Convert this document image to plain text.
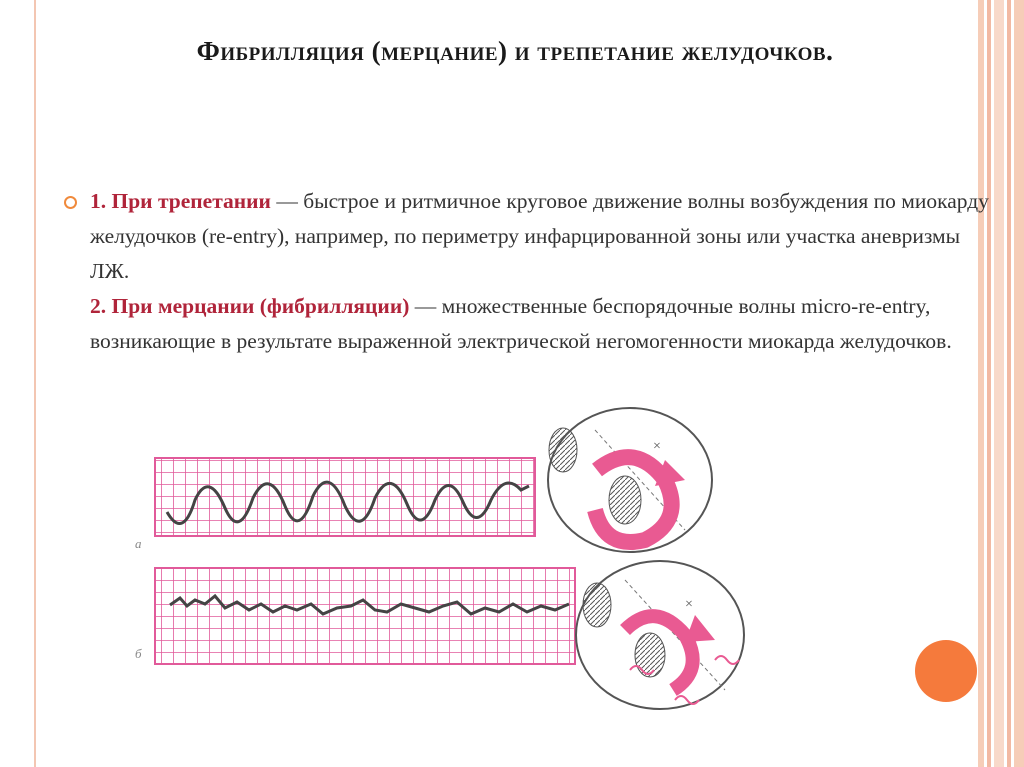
Фибрилляция (мерцание) и трепетание желудочков.
1. При трепетании — быстрое и ритмичное круговое движение волны возбуждения по миокарду желудочков (re-entry), например, по периметру инфарцированной зоны или участка аневризмы ЛЖ.
2. При мерцании (фибрилляции) — множественные беспорядочные волны micro-re-entry, возникающие в результате выраженной электрической негомогенности миокарда желудочков.
а
б
×
×
